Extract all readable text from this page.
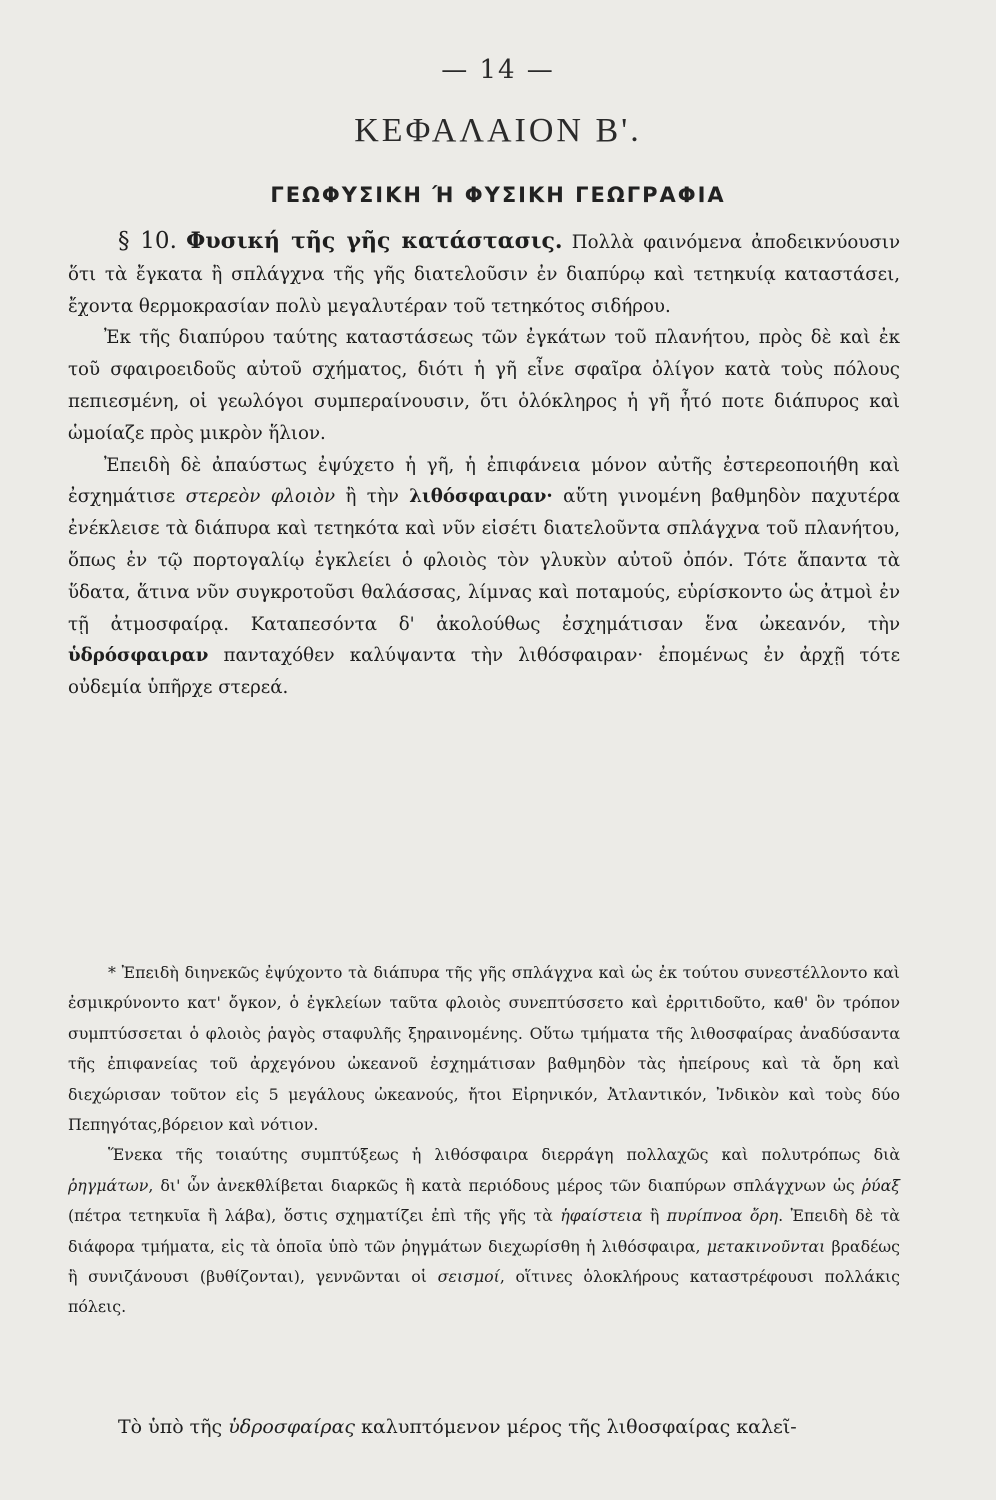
— 14 —
ΚΕΦΑΛΑΙΟΝ Β'.
ΓΕΩΦΥΣΙΚΗ Ή ΦΥΣΙΚΗ ΓΕΩΓΡΑΦΙΑ

§ 10. Φυσική τῆς γῆς κατάστασις. Πολλὰ φαινόμενα ἀποδεικνύουσιν ὅτι τὰ ἔγκατα ἢ σπλάγχνα τῆς γῆς διατελοῦσιν ἐν διαπύρῳ καὶ τετηκυίᾳ καταστάσει, ἔχοντα θερμοκρασίαν πολὺ μεγαλυτέραν τοῦ τετηκότος σιδήρου.

Ἐκ τῆς διαπύρου ταύτης καταστάσεως τῶν ἐγκάτων τοῦ πλανήτου, πρὸς δὲ καὶ ἐκ τοῦ σφαιροειδοῦς αὐτοῦ σχήματος, διότι ἡ γῆ εἶνε σφαῖρα ὀλίγον κατὰ τοὺς πόλους πεπιεσμένη, οἱ γεωλόγοι συμπεραίνουσιν, ὅτι ὁλόκληρος ἡ γῆ ἦτό ποτε διάπυρος καὶ ὡμοίαζε πρὸς μικρὸν ἥλιον.

Ἐπειδὴ δὲ ἀπαύστως ἐψύχετο ἡ γῆ, ἡ ἐπιφάνεια μόνον αὐτῆς ἐστερεοποιήθη καὶ ἐσχημάτισε στερεὸν φλοιὸν ἢ τὴν λιθόσφαιραν· αὕτη γινομένη βαθμηδὸν παχυτέρα ἐνέκλεισε τὰ διάπυρα καὶ τετηκότα καὶ νῦν εἰσέτι διατελοῦντα σπλάγχνα τοῦ πλανήτου, ὅπως ἐν τῷ πορτογαλίῳ ἐγκλείει ὁ φλοιὸς τὸν γλυκὺν αὐτοῦ ὀπόν. Τότε ἅπαντα τὰ ὕδατα, ἅτινα νῦν συγκροτοῦσι θαλάσσας, λίμνας καὶ ποταμούς, εὑρίσκοντο ὡς ἀτμοὶ ἐν τῇ ἀτμοσφαίρᾳ. Καταπεσόντα δ' ἀκολούθως ἐσχημάτισαν ἕνα ὠκεανόν, τὴν ὑδρόσφαιραν πανταχόθεν καλύψαντα τὴν λιθόσφαιραν· ἐπομένως ἐν ἀρχῇ τότε οὐδεμία ὑπῆρχε στερεά.

* Ἐπειδὴ διηνεκῶς ἐψύχοντο τὰ διάπυρα τῆς γῆς σπλάγχνα καὶ ὡς ἐκ τούτου συνεστέλλοντο καὶ ἐσμικρύνοντο κατ' ὄγκον, ὁ ἐγκλείων ταῦτα φλοιὸς συνεπτύσσετο καὶ ἐρριτιδοῦτο, καθ' ὃν τρόπον συμπτύσσεται ὁ φλοιὸς ῥαγὸς σταφυλῆς ξηραινομένης. Οὕτω τμήματα τῆς λιθοσφαίρας ἀναδύσαντα τῆς ἐπιφανείας τοῦ ἀρχεγόνου ὠκεανοῦ ἐσχημάτισαν βαθμηδὸν τὰς ἠπείρους καὶ τὰ ὄρη καὶ διεχώρισαν τοῦτον εἰς 5 μεγάλους ὠκεανούς, ἤτοι Εἰρηνικόν, Ἀτλαντικόν, Ἰνδικὸν καὶ τοὺς δύο Πεπηγότας,βόρειον καὶ νότιον.

Ἕνεκα τῆς τοιαύτης συμπτύξεως ἡ λιθόσφαιρα διερράγη πολλαχῶς καὶ πολυτρόπως διὰ ῥηγμάτων, δι' ὧν ἀνεκθλίβεται διαρκῶς ἢ κατὰ περιόδους μέρος τῶν διαπύρων σπλάγχνων ὡς ῥύαξ (πέτρα τετηκυῖα ἢ λάβα), ὅστις σχηματίζει ἐπὶ τῆς γῆς τὰ ἡφαίστεια ἢ πυρίπνοα ὄρη. Ἐπειδὴ δὲ τὰ διάφορα τμήματα, εἰς τὰ ὁποῖα ὑπὸ τῶν ῥηγμάτων διεχωρίσθη ἡ λιθόσφαιρα, μετακινοῦνται βραδέως ἢ συνιζάνουσι (βυθίζονται), γεννῶνται οἱ σεισμοί, οἵτινες ὁλοκλήρους καταστρέφουσι πολλάκις πόλεις.

Τὸ ὑπὸ τῆς ὑδροσφαίρας καλυπτόμενον μέρος τῆς λιθοσφαίρας καλεῖ-
